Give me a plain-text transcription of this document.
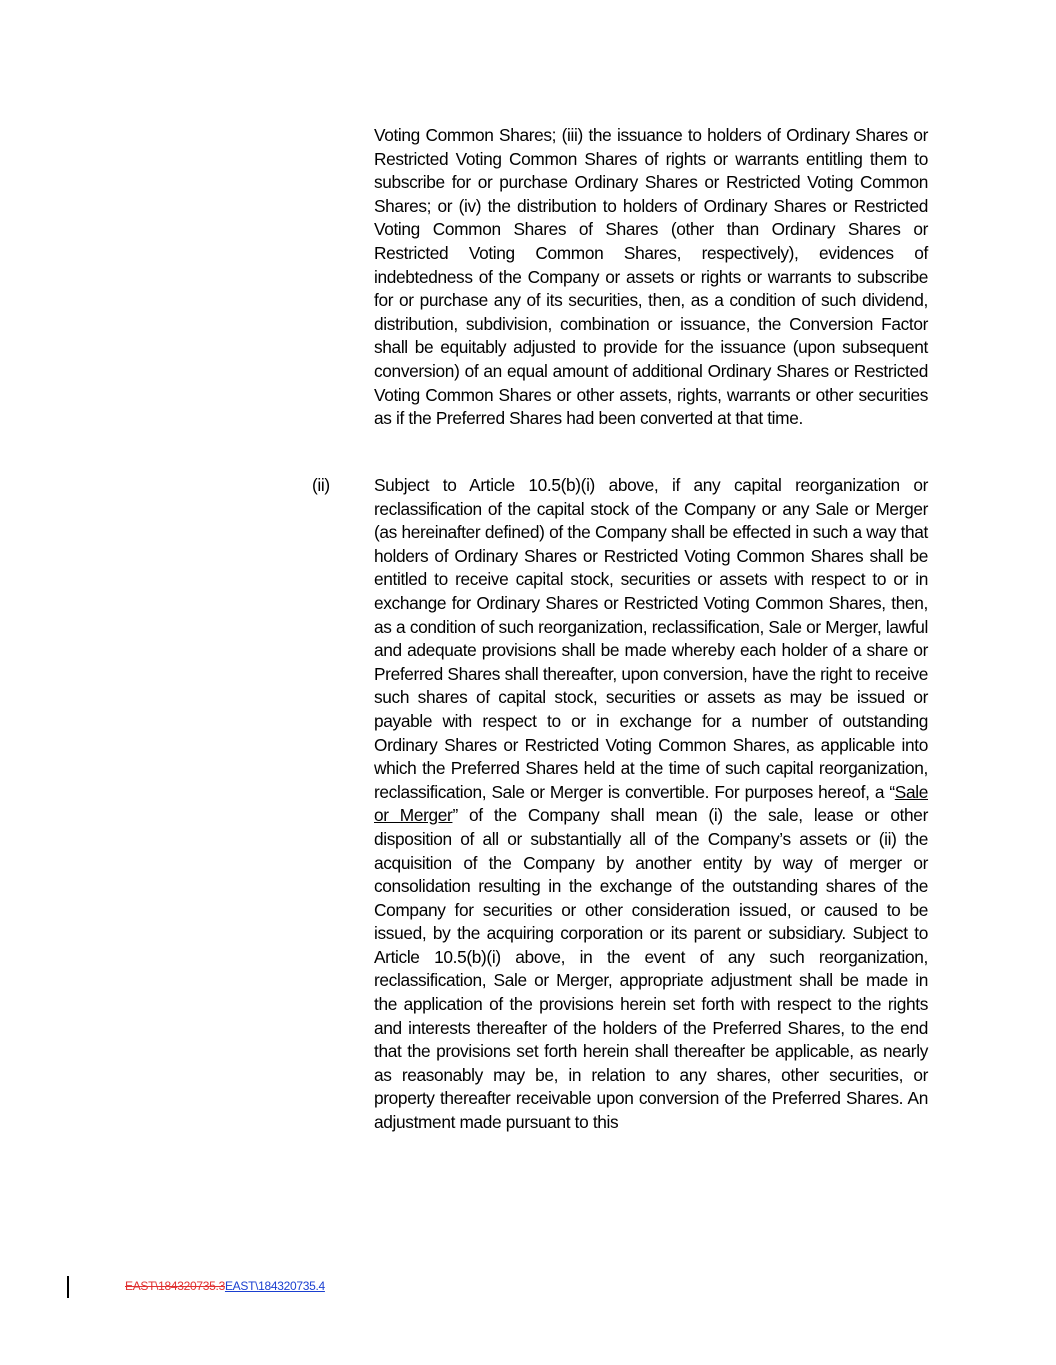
Voting Common Shares; (iii) the issuance to holders of Ordinary Shares or Restricted Voting Common Shares of rights or warrants entitling them to subscribe for or purchase Ordinary Shares or Restricted Voting Common Shares; or (iv) the distribution to holders of Ordinary Shares or Restricted Voting Common Shares of Shares (other than Ordinary Shares or Restricted Voting Common Shares, respectively), evidences of indebtedness of the Company or assets or rights or warrants to subscribe for or purchase any of its securities, then, as a condition of such dividend, distribution, subdivision, combination or issuance, the Conversion Factor shall be equitably adjusted to provide for the issuance (upon subsequent conversion) of an equal amount of additional Ordinary Shares or Restricted Voting Common Shares or other assets, rights, warrants or other securities as if the Preferred Shares had been converted at that time.

(ii)	Subject to Article 10.5(b)(i) above, if any capital reorganization or reclassification of the capital stock of the Company or any Sale or Merger (as hereinafter defined) of the Company shall be effected in such a way that holders of Ordinary Shares or Restricted Voting Common Shares shall be entitled to receive capital stock, securities or assets with respect to or in exchange for Ordinary Shares or Restricted Voting Common Shares, then, as a condition of such reorganization, reclassification, Sale or Merger, lawful and adequate provisions shall be made whereby each holder of a share or Preferred Shares shall thereafter, upon conversion, have the right to receive such shares of capital stock, securities or assets as may be issued or payable with respect to or in exchange for a number of outstanding Ordinary Shares or Restricted Voting Common Shares, as applicable into which the Preferred Shares held at the time of such capital reorganization, reclassification, Sale or Merger is convertible. For purposes hereof, a “Sale or Merger” of the Company shall mean (i) the sale, lease or other disposition of all or substantially all of the Company’s assets or (ii) the acquisition of the Company by another entity by way of merger or consolidation resulting in the exchange of the outstanding shares of the Company for securities or other consideration issued, or caused to be issued, by the acquiring corporation or its parent or subsidiary. Subject to Article 10.5(b)(i) above, in the event of any such reorganization, reclassification, Sale or Merger, appropriate adjustment shall be made in the application of the provisions herein set forth with respect to the rights and interests thereafter of the holders of the Preferred Shares, to the end that the provisions set forth herein shall thereafter be applicable, as nearly as reasonably may be, in relation to any shares, other securities, or property thereafter receivable upon conversion of the Preferred Shares. An adjustment made pursuant to this

EAST\184320735.3EAST\184320735.4
